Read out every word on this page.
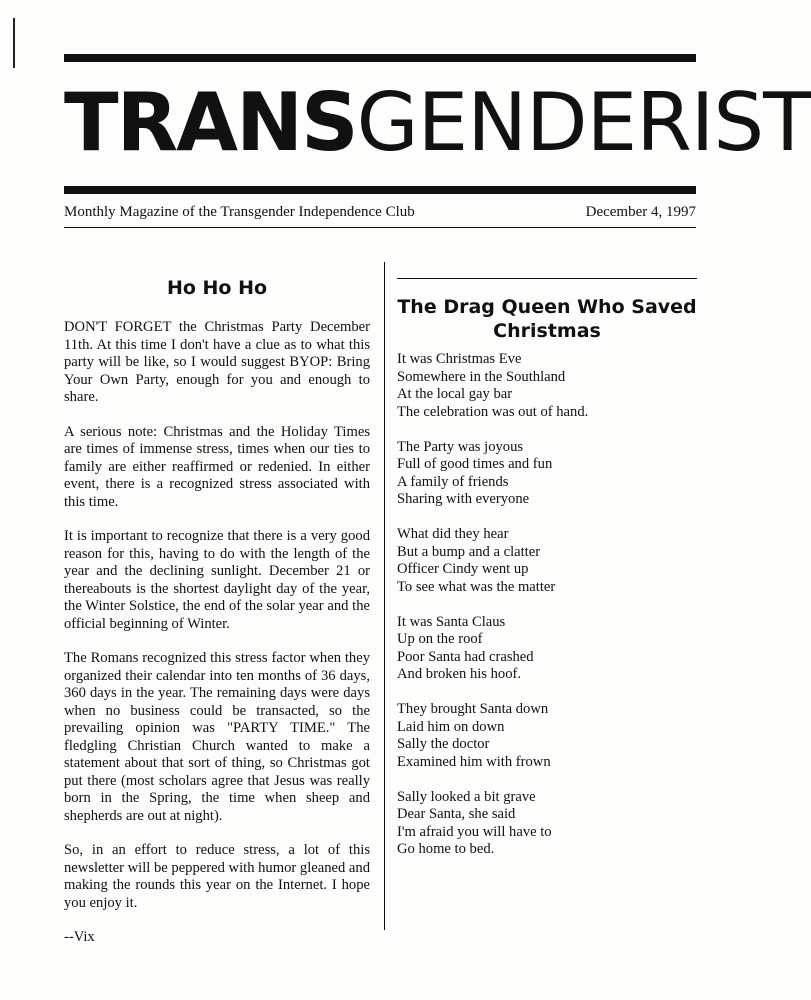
TRANSGENDERIST
Monthly Magazine of the Transgender Independence Club	December 4, 1997
Ho Ho Ho

DON'T FORGET the Christmas Party December 11th. At this time I don't have a clue as to what this party will be like, so I would suggest BYOP: Bring Your Own Party, enough for you and enough to share.

A serious note: Christmas and the Holiday Times are times of immense stress, times when our ties to family are either reaffirmed or redenied. In either event, there is a recognized stress associated with this time.

It is important to recognize that there is a very good reason for this, having to do with the length of the year and the declining sunlight. December 21 or thereabouts is the shortest daylight day of the year, the Winter Solstice, the end of the solar year and the official beginning of Winter.

The Romans recognized this stress factor when they organized their calendar into ten months of 36 days, 360 days in the year. The remaining days were days when no business could be transacted, so the prevailing opinion was "PARTY TIME." The fledgling Christian Church wanted to make a statement about that sort of thing, so Christmas got put there (most scholars agree that Jesus was really born in the Spring, the time when sheep and shepherds are out at night).

So, in an effort to reduce stress, a lot of this newsletter will be peppered with humor gleaned and making the rounds this year on the Internet. I hope you enjoy it.

--Vix

The Drag Queen Who Saved Christmas
It was Christmas Eve
Somewhere in the Southland
At the local gay bar
The celebration was out of hand.
The Party was joyous
Full of good times and fun
A family of friends
Sharing with everyone
What did they hear
But a bump and a clatter
Officer Cindy went up
To see what was the matter
It was Santa Claus
Up on the roof
Poor Santa had crashed
And broken his hoof.
They brought Santa down
Laid him on down
Sally the doctor
Examined him with frown
Sally looked a bit grave
Dear Santa, she said
I'm afraid you will have to
Go home to bed.
